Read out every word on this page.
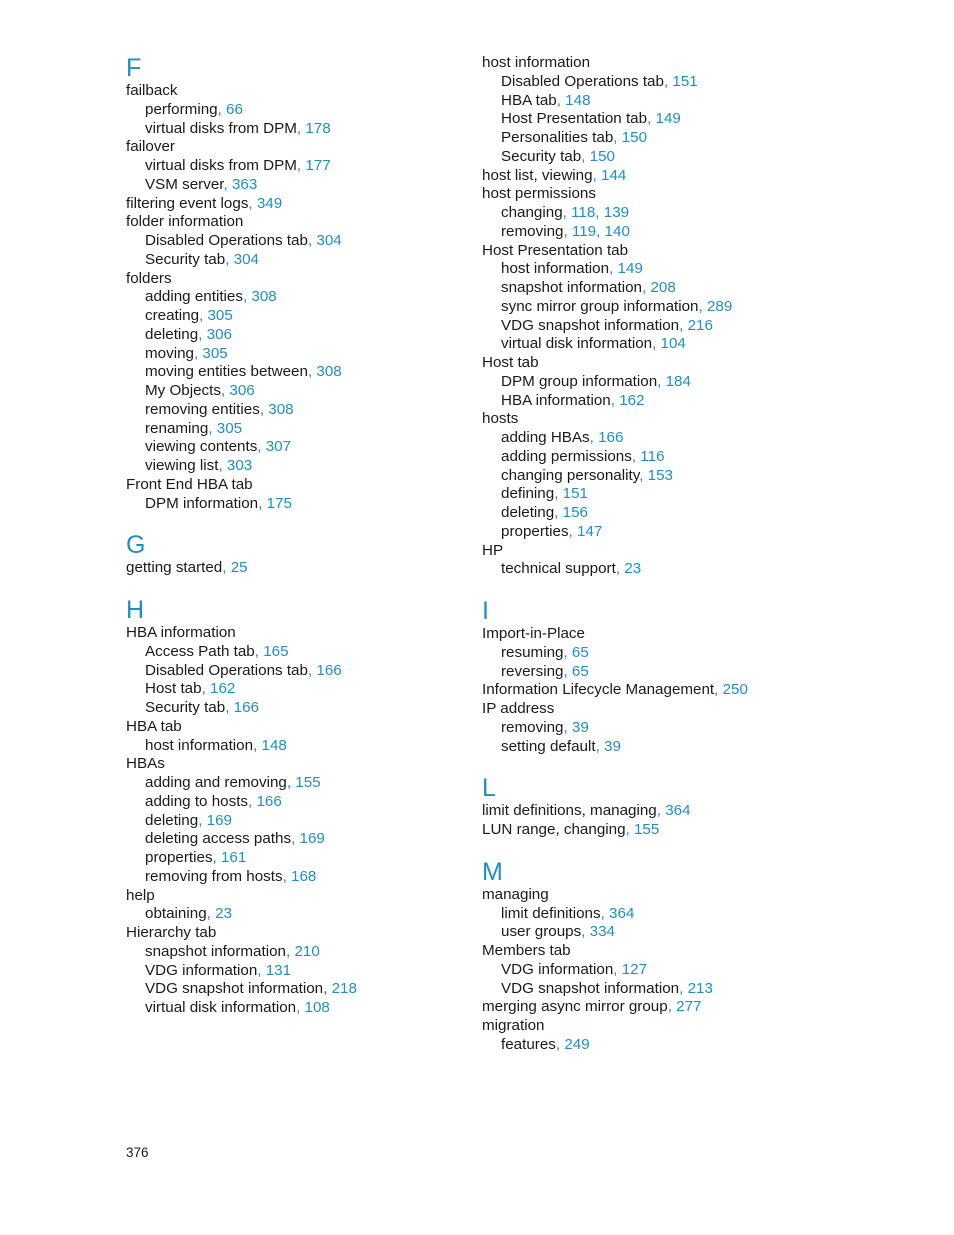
F
failback
performing, 66
virtual disks from DPM, 178
failover
virtual disks from DPM, 177
VSM server, 363
filtering event logs, 349
folder information
Disabled Operations tab, 304
Security tab, 304
folders
adding entities, 308
creating, 305
deleting, 306
moving, 305
moving entities between, 308
My Objects, 306
removing entities, 308
renaming, 305
viewing contents, 307
viewing list, 303
Front End HBA tab
DPM information, 175
G
getting started, 25
H
HBA information
Access Path tab, 165
Disabled Operations tab, 166
Host tab, 162
Security tab, 166
HBA tab
host information, 148
HBAs
adding and removing, 155
adding to hosts, 166
deleting, 169
deleting access paths, 169
properties, 161
removing from hosts, 168
help
obtaining, 23
Hierarchy tab
snapshot information, 210
VDG information, 131
VDG snapshot information, 218
virtual disk information, 108
host information
Disabled Operations tab, 151
HBA tab, 148
Host Presentation tab, 149
Personalities tab, 150
Security tab, 150
host list, viewing, 144
host permissions
changing, 118, 139
removing, 119, 140
Host Presentation tab
host information, 149
snapshot information, 208
sync mirror group information, 289
VDG snapshot information, 216
virtual disk information, 104
Host tab
DPM group information, 184
HBA information, 162
hosts
adding HBAs, 166
adding permissions, 116
changing personality, 153
defining, 151
deleting, 156
properties, 147
HP
technical support, 23
I
Import-in-Place
resuming, 65
reversing, 65
Information Lifecycle Management, 250
IP address
removing, 39
setting default, 39
L
limit definitions, managing, 364
LUN range, changing, 155
M
managing
limit definitions, 364
user groups, 334
Members tab
VDG information, 127
VDG snapshot information, 213
merging async mirror group, 277
migration
features, 249
376
